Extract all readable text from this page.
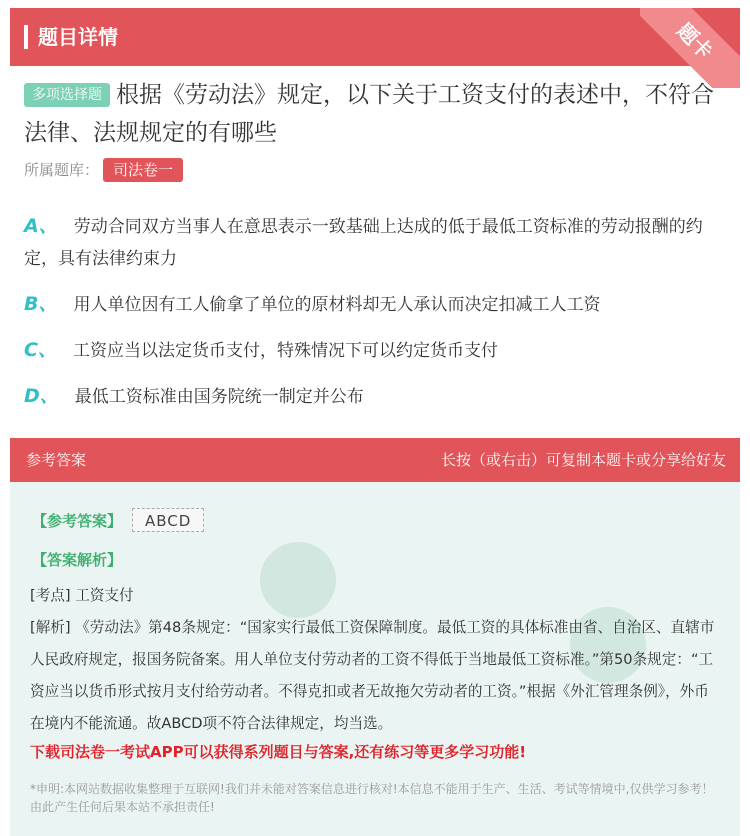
题目详情	题卡
多项选择题 根据《劳动法》规定，以下关于工资支付的表述中，不符合法律、法规规定的有哪些
所属题库： 司法卷一
A、 劳动合同双方当事人在意思表示一致基础上达成的低于最低工资标准的劳动报酬的约定，具有法律约束力
B、 用人单位因有工人偷拿了单位的原材料却无人承认而决定扣减工人工资
C、 工资应当以法定货币支付，特殊情况下可以约定货币支付
D、 最低工资标准由国务院统一制定并公布
参考答案	长按（或右击）可复制本题卡或分享给好友
【参考答案】 ABCD
【答案解析】
[考点] 工资支付
[解析] 《劳动法》第48条规定：“国家实行最低工资保障制度。最低工资的具体标准由省、自治区、直辖市人民政府规定，报国务院备案。用人单位支付劳动者的工资不得低于当地最低工资标准。”第50条规定：“工资应当以货币形式按月支付给劳动者。不得克扣或者无故拖欠劳动者的工资。”根据《外汇管理条例》，外币在境内不能流通。故ABCD项不符合法律规定，均当选。
下载司法卷一考试APP可以获得系列题目与答案,还有练习等更多学习功能!
*申明:本网站数据收集整理于互联网!我们并未能对答案信息进行核对!本信息不能用于生产、生活、考试等情境中,仅供学习参考！由此产生任何后果本站不承担责任!
